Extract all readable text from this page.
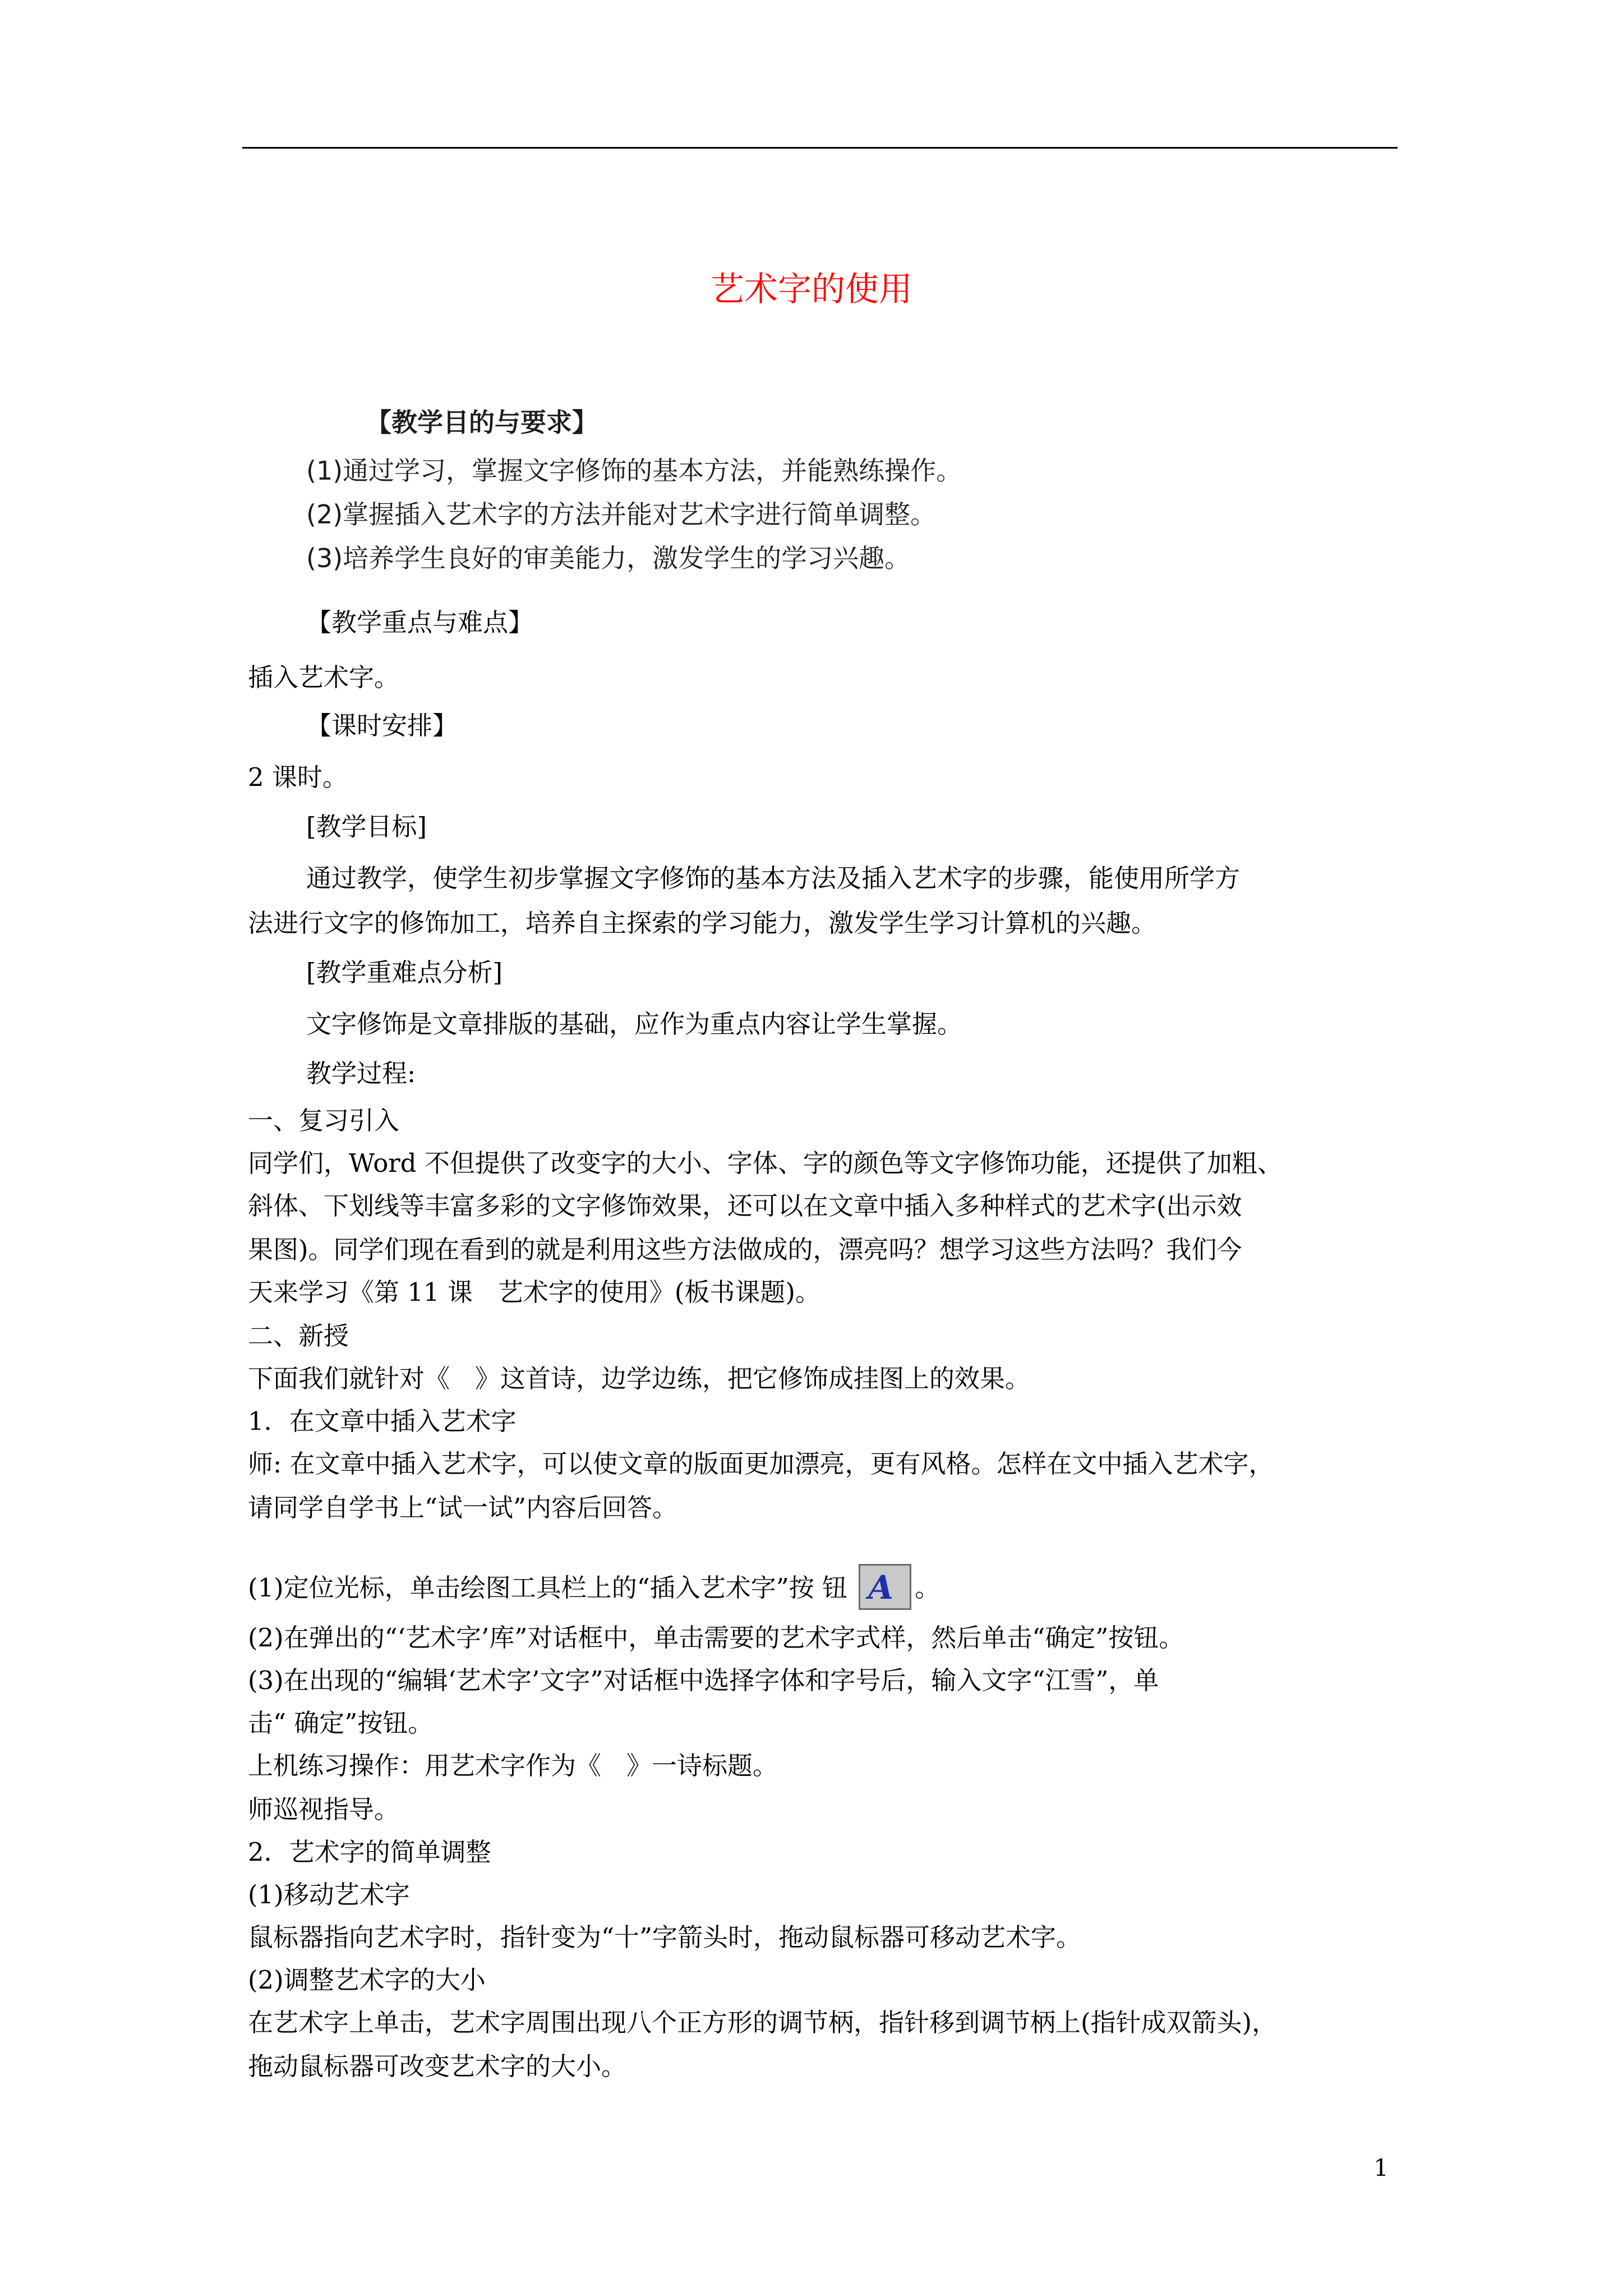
艺术字的使用
【教学目的与要求】
(1)通过学习，掌握文字修饰的基本方法，并能熟练操作。
(2)掌握插入艺术字的方法并能对艺术字进行简单调整。
(3)培养学生良好的审美能力，激发学生的学习兴趣。
【教学重点与难点】
插入艺术字。
【课时安排】
2 课时。
[教学目标]
通过教学，使学生初步掌握文字修饰的基本方法及插入艺术字的步骤，能使用所学方
法进行文字的修饰加工，培养自主探索的学习能力，激发学生学习计算机的兴趣。
[教学重难点分析]
文字修饰是文章排版的基础，应作为重点内容让学生掌握。
教学过程:
一、复习引入
同学们，Word 不但提供了改变字的大小、字体、字的颜色等文字修饰功能，还提供了加粗、
斜体、下划线等丰富多彩的文字修饰效果，还可以在文章中插入多种样式的艺术字(出示效
果图)。同学们现在看到的就是利用这些方法做成的，漂亮吗？想学习这些方法吗？我们今
天来学习《第 11 课　艺术字的使用》(板书课题)。
二、新授
下面我们就针对《　》这首诗，边学边练，把它修饰成挂图上的效果。
1．在文章中插入艺术字
师: 在文章中插入艺术字，可以使文章的版面更加漂亮，更有风格。怎样在文中插入艺术字，
请同学自学书上“试一试”内容后回答。
(1)定位光标，单击绘图工具栏上的“插入艺术字”按 钮 A 。
(2)在弹出的“‘艺术字’库”对话框中，单击需要的艺术字式样，然后单击“确定”按钮。
(3)在出现的“编辑‘艺术字’文字”对话框中选择字体和字号后，输入文字“江雪”，单
击“ 确定”按钮。
上机练习操作：用艺术字作为《　》一诗标题。
师巡视指导。
2．艺术字的简单调整
(1)移动艺术字
鼠标器指向艺术字时，指针变为“十”字箭头时，拖动鼠标器可移动艺术字。
(2)调整艺术字的大小
在艺术字上单击，艺术字周围出现八个正方形的调节柄，指针移到调节柄上(指针成双箭头)，
拖动鼠标器可改变艺术字的大小。
1
